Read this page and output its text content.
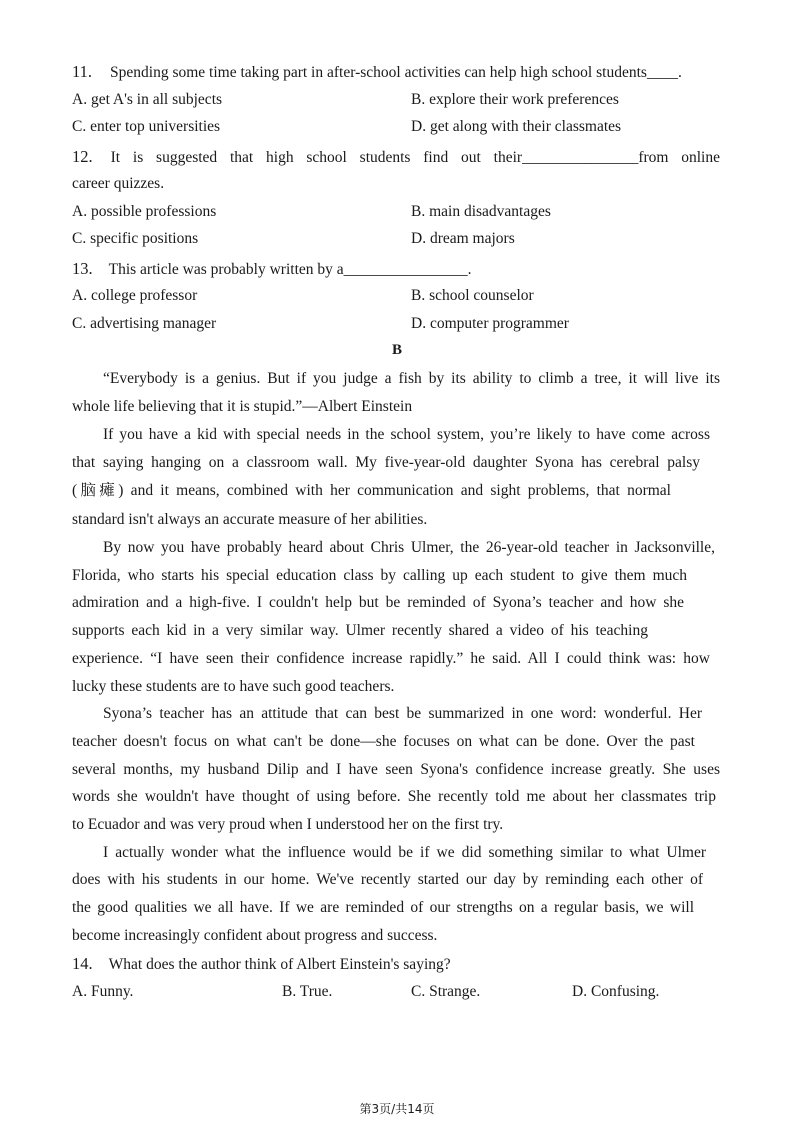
11. Spending some time taking part in after-school activities can help high school students____.
A. get A's in all subjects	B. explore their work preferences
C. enter top universities	D. get along with their classmates
12. It is suggested that high school students find out their_______________from online
career quizzes.
A. possible professions	B. main disadvantages
C. specific positions	D. dream majors
13. This article was probably written by a________________.
A. college professor	B. school counselor
C. advertising manager	D. computer programmer
B
“Everybody is a genius. But if you judge a fish by its ability to climb a tree, it will live its
whole life believing that it is stupid.”—Albert Einstein
If you have a kid with special needs in the school system, you’re likely to have come across
that saying hanging on a classroom wall. My five-year-old daughter Syona has cerebral palsy
(脑瘫) and it means, combined with her communication and sight problems, that normal
standard isn't always an accurate measure of her abilities.
By now you have probably heard about Chris Ulmer, the 26-year-old teacher in Jacksonville,
Florida, who starts his special education class by calling up each student to give them much
admiration and a high-five. I couldn't help but be reminded of Syona’s teacher and how she
supports each kid in a very similar way. Ulmer recently shared a video of his teaching
experience. “I have seen their confidence increase rapidly.” he said. All I could think was: how
lucky these students are to have such good teachers.
Syona’s teacher has an attitude that can best be summarized in one word: wonderful. Her
teacher doesn't focus on what can't be done—she focuses on what can be done. Over the past
several months, my husband Dilip and I have seen Syona's confidence increase greatly. She uses
words she wouldn't have thought of using before. She recently told me about her classmates trip
to Ecuador and was very proud when I understood her on the first try.
I actually wonder what the influence would be if we did something similar to what Ulmer
does with his students in our home. We've recently started our day by reminding each other of
the good qualities we all have. If we are reminded of our strengths on a regular basis, we will
become increasingly confident about progress and success.
14. What does the author think of Albert Einstein's saying?
A. Funny.	B. True.	C. Strange.	D. Confusing.
第3页/共14页
